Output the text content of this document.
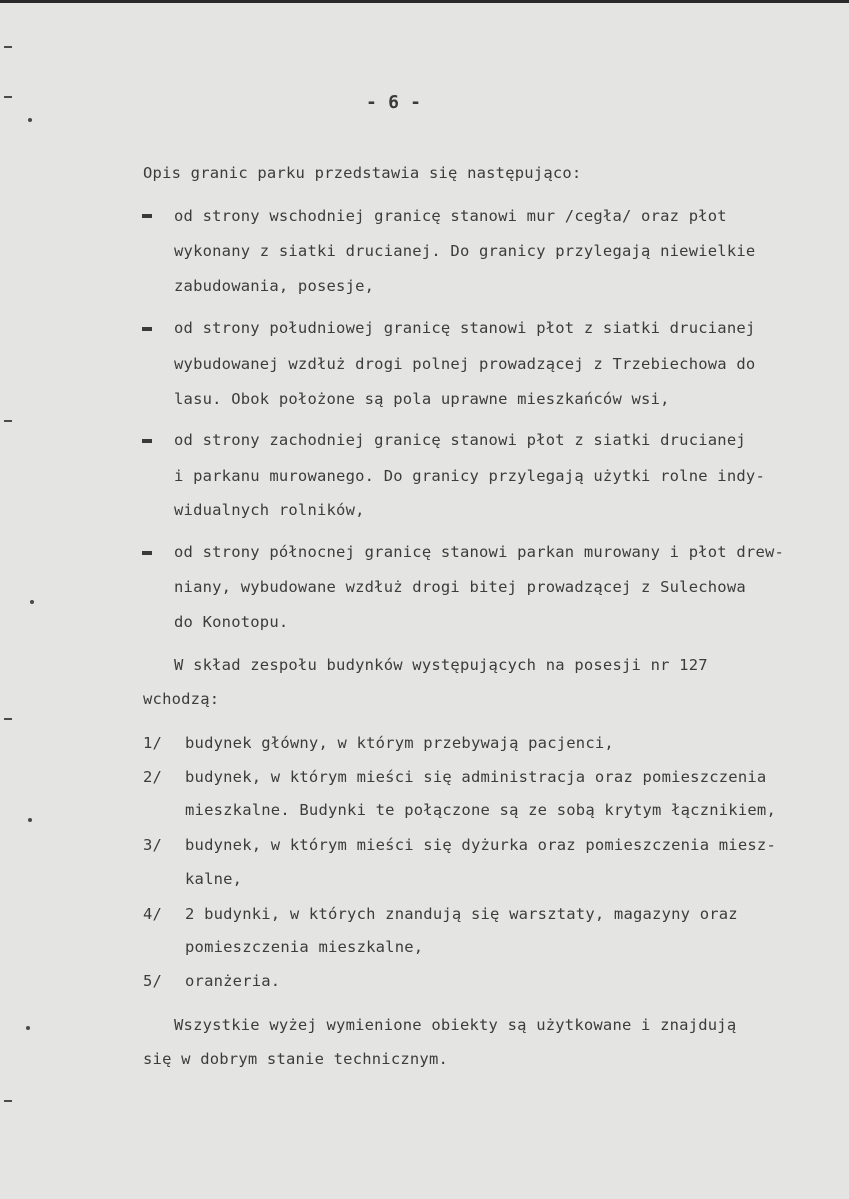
- 6 -
Opis granic parku przedstawia się następująco:
od strony wschodniej granicę stanowi mur /cegła/ oraz płot
wykonany z siatki drucianej. Do granicy przylegają niewielkie
zabudowania, posesje,
od strony południowej granicę stanowi płot z siatki drucianej
wybudowanej wzdłuż drogi polnej prowadzącej z Trzebiechowa do
lasu. Obok położone są pola uprawne mieszkańców wsi,
od strony zachodniej granicę stanowi płot z siatki drucianej
i parkanu murowanego. Do granicy przylegają użytki rolne indy-
widualnych rolników,
od strony północnej granicę stanowi parkan murowany i płot drew-
niany, wybudowane wzdłuż drogi bitej prowadzącej z Sulechowa
do Konotopu.
W skład zespołu budynków występujących na posesji nr 127
wchodzą:
1/ budynek główny, w którym przebywają pacjenci,
2/ budynek, w którym mieści się administracja oraz pomieszczenia
mieszkalne. Budynki te połączone są ze sobą krytym łącznikiem,
3/ budynek, w którym mieści się dyżurka oraz pomieszczenia miesz-
kalne,
4/ 2 budynki, w których znandują się warsztaty, magazyny oraz
pomieszczenia mieszkalne,
5/ oranżeria.
Wszystkie wyżej wymienione obiekty są użytkowane i znajdują
się w dobrym stanie technicznym.
